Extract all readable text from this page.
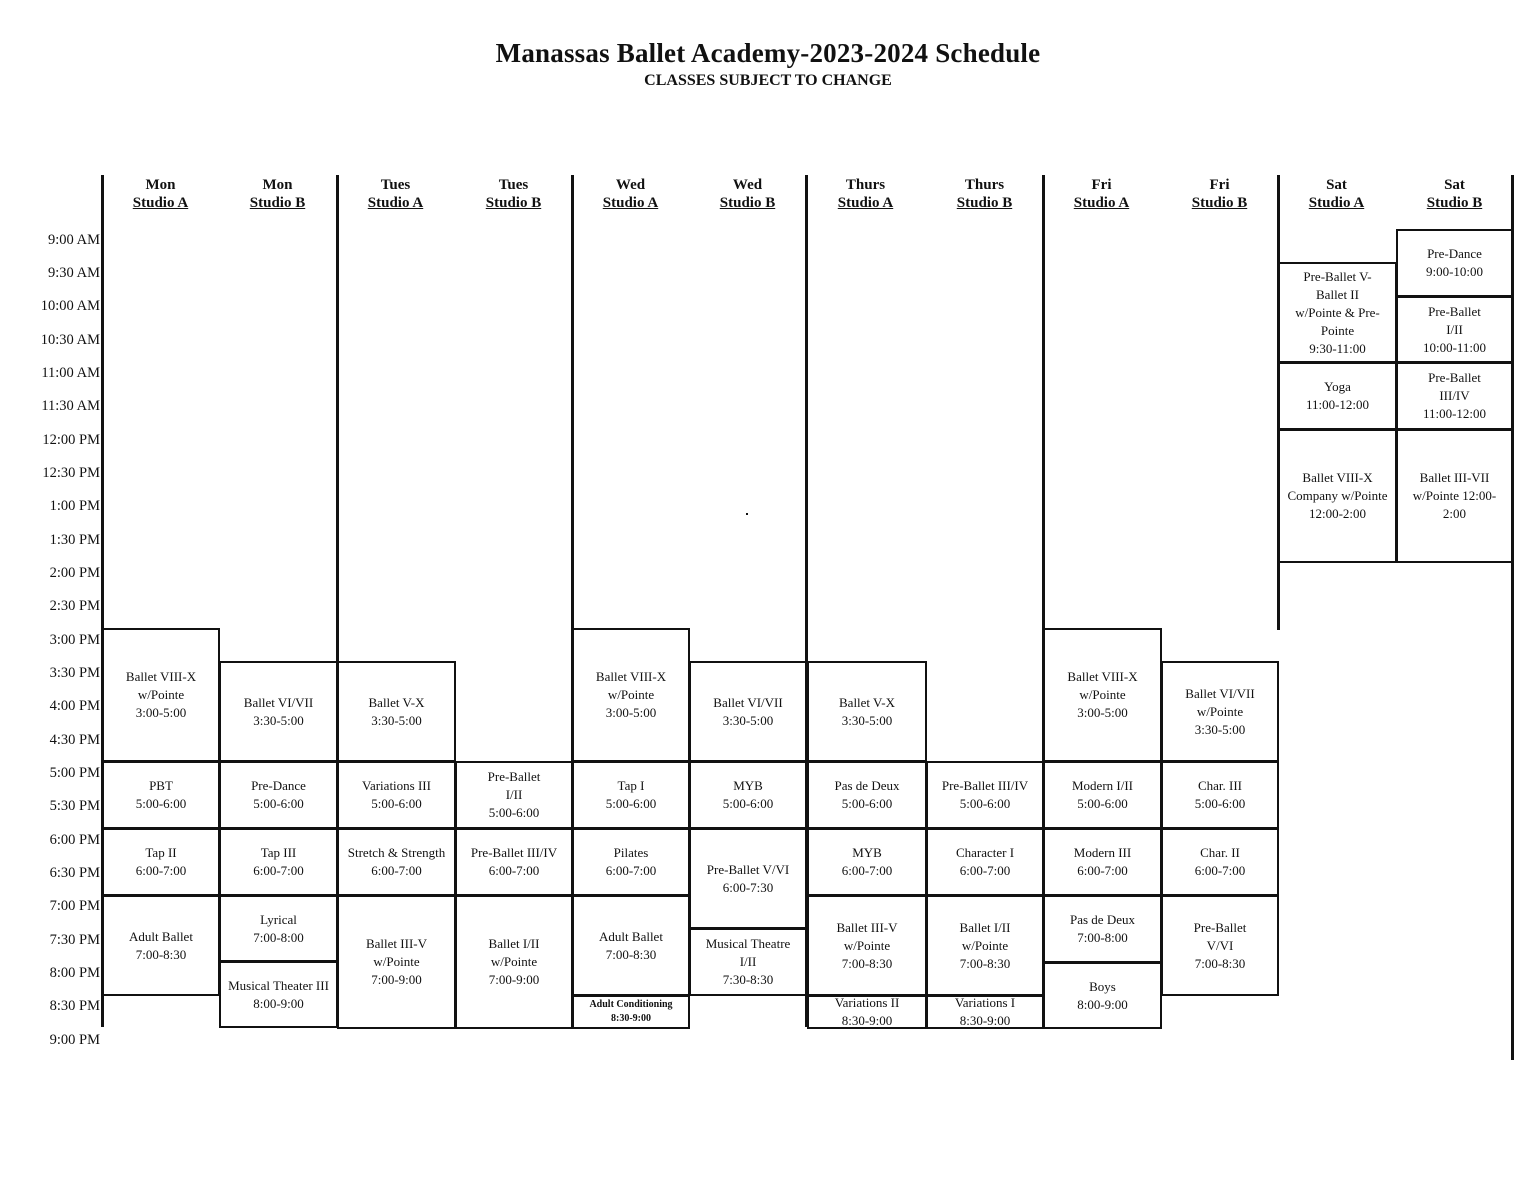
Manassas Ballet Academy-2023-2024 Schedule
CLASSES SUBJECT TO CHANGE
Mon
Studio A
Mon
Studio B
Tues
Studio A
Tues
Studio B
Wed
Studio A
Wed
Studio B
Thurs
Studio A
Thurs
Studio B
Fri
Studio A
Fri
Studio B
Sat
Studio A
Sat
Studio B
9:00 AM
9:30 AM
10:00 AM
10:30 AM
11:00 AM
11:30 AM
12:00 PM
12:30 PM
1:00 PM
1:30 PM
2:00 PM
2:30 PM
3:00 PM
3:30 PM
4:00 PM
4:30 PM
5:00 PM
5:30 PM
6:00 PM
6:30 PM
7:00 PM
7:30 PM
8:00 PM
8:30 PM
9:00 PM
Ballet VIII-X
w/Pointe
3:00-5:00
Ballet VI/VII
3:30-5:00
Ballet V-X
3:30-5:00
Ballet VIII-X
w/Pointe
3:00-5:00
Ballet VI/VII
3:30-5:00
Ballet V-X
3:30-5:00
Ballet VIII-X
w/Pointe
3:00-5:00
Ballet VI/VII
w/Pointe
3:30-5:00
PBT
5:00-6:00
Pre-Dance
5:00-6:00
Variations III
5:00-6:00
Pre-Ballet
I/II
5:00-6:00
Tap I
5:00-6:00
MYB
5:00-6:00
Pas de Deux
5:00-6:00
Pre-Ballet III/IV
5:00-6:00
Modern I/II
5:00-6:00
Char. III
5:00-6:00
Tap II
6:00-7:00
Tap III
6:00-7:00
Stretch & Strength
6:00-7:00
Pre-Ballet III/IV
6:00-7:00
Pilates
6:00-7:00	Pre-Ballet V/VI
6:00-7:30
MYB
6:00-7:00
Character I
6:00-7:00
Modern III
6:00-7:00
Char. II
6:00-7:00
Adult Ballet
7:00-8:30
Lyrical
7:00-8:00
Musical Theater III
8:00-9:00
Ballet III-V
w/Pointe
7:00-9:00
Ballet I/II
w/Pointe
7:00-9:00
Adult Ballet
7:00-8:30
Adult Conditioning
8:30-9:00
Musical Theatre
I/II
7:30-8:30
Ballet III-V
w/Pointe
7:00-8:30
Variations II
8:30-9:00
Ballet I/II
w/Pointe
7:00-8:30
Variations I
8:30-9:00
Pas de Deux
7:00-8:00
Boys
8:00-9:00
Pre-Ballet
V/VI
7:00-8:30
Pre-Dance
9:00-10:00
Pre-Ballet V-
Ballet II
w/Pointe & Pre-
Pointe
9:30-11:00
Pre-Ballet
I/II
10:00-11:00
Yoga
11:00-12:00
Pre-Ballet
III/IV
11:00-12:00
Ballet VIII-X
Company w/Pointe
12:00-2:00
Ballet III-VII
w/Pointe 12:00-
2:00
